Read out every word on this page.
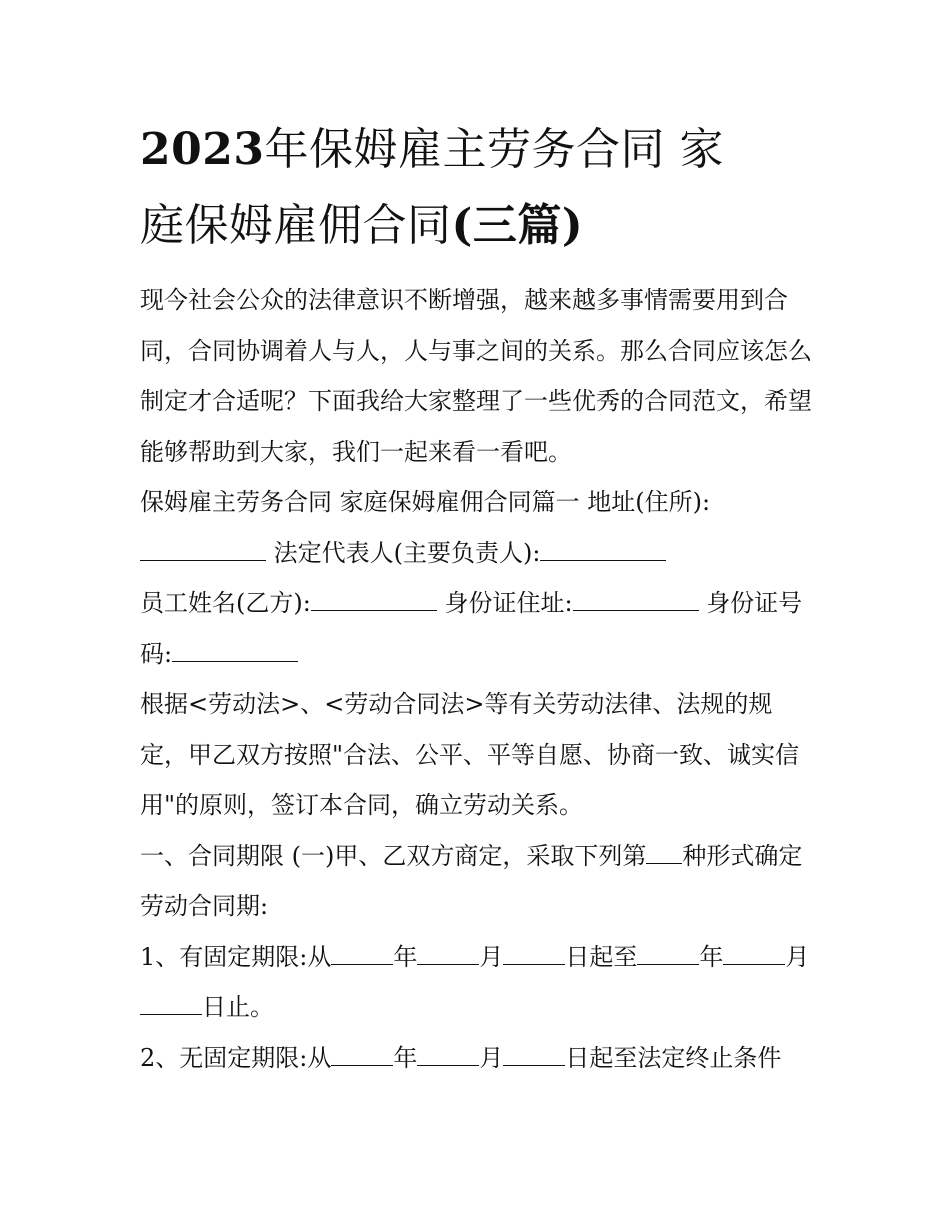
2023年保姆雇主劳务合同 家
庭保姆雇佣合同(三篇)

现今社会公众的法律意识不断增强，越来越多事情需要用到合同，合同协调着人与人，人与事之间的关系。那么合同应该怎么制定才合适呢？下面我给大家整理了一些优秀的合同范文，希望能够帮助到大家，我们一起来看一看吧。

保姆雇主劳务合同 家庭保姆雇佣合同篇一 地址(住所): 法定代表人(主要负责人):

员工姓名(乙方):	身份证住址:	身份证号码:

根据<劳动法>、<劳动合同法>等有关劳动法律、法规的规定，甲乙双方按照"合法、公平、平等自愿、协商一致、诚实信用"的原则，签订本合同，确立劳动关系。

一、合同期限 (一)甲、乙双方商定，采取下列第 种形式确定劳动合同期:

1、有固定期限:从	年	月	日起至	年	月日止。

2、无固定期限:从	年	月	日起至法定终止条件
